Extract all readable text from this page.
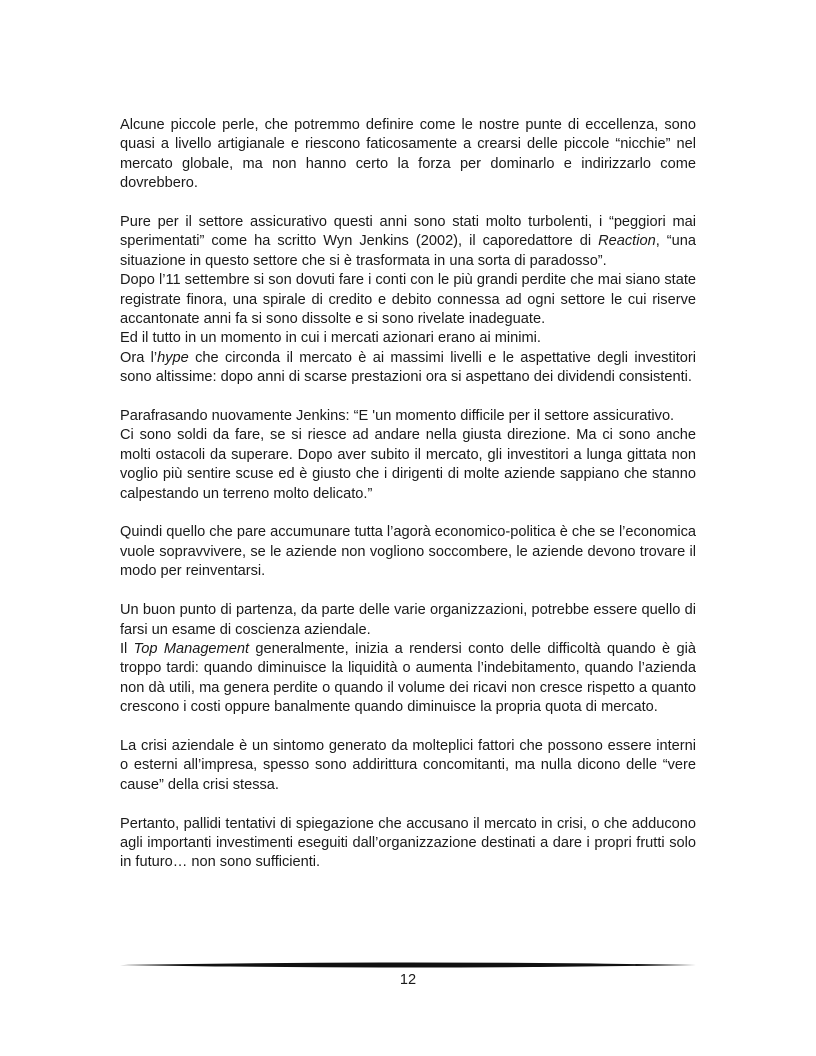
Alcune piccole perle, che potremmo definire come le nostre punte di eccellenza, sono quasi a livello artigianale e riescono faticosamente a crearsi delle piccole “nicchie” nel mercato globale, ma non hanno certo la forza per dominarlo e indirizzarlo come dovrebbero.

Pure per il settore assicurativo questi anni sono stati molto turbolenti, i “peggiori mai sperimentati” come ha scritto Wyn Jenkins (2002), il caporedattore di Reaction, “una situazione in questo settore che si è trasformata in una sorta di paradosso”.

Dopo l’11 settembre si son dovuti fare i conti con le più grandi perdite che mai siano state registrate finora, una spirale di credito e debito connessa ad ogni settore le cui riserve accantonate anni fa si sono dissolte e si sono rivelate inadeguate.

Ed il tutto in un momento in cui i mercati azionari erano ai minimi.

Ora l’hype che circonda il mercato è ai massimi livelli e le aspettative degli investitori sono altissime: dopo anni di scarse prestazioni ora si aspettano dei dividendi consistenti.

Parafrasando nuovamente Jenkins: “E 'un momento difficile per il settore assicurativo.

Ci sono soldi da fare, se si riesce ad andare nella giusta direzione. Ma ci sono anche molti ostacoli da superare. Dopo aver subito il mercato, gli investitori a lunga gittata non voglio più sentire scuse ed è giusto che i dirigenti di molte aziende sappiano che stanno calpestando un terreno molto delicato.”

Quindi quello che pare accumunare tutta l’agorà economico-politica è che se l’economica vuole sopravvivere, se le aziende non vogliono soccombere, le aziende devono trovare il modo per reinventarsi.

Un buon punto di partenza, da parte delle varie organizzazioni, potrebbe essere quello di farsi un esame di coscienza aziendale.

Il Top Management generalmente, inizia a rendersi conto delle difficoltà quando è già troppo tardi: quando diminuisce la liquidità o aumenta l’indebitamento, quando l’azienda non dà utili, ma genera perdite o quando il volume dei ricavi non cresce rispetto a quanto crescono i costi oppure banalmente quando diminuisce la propria quota di mercato.

La crisi aziendale è un sintomo generato da molteplici fattori che possono essere interni o esterni all’impresa, spesso sono addirittura concomitanti, ma nulla dicono delle “vere cause” della crisi stessa.

Pertanto, pallidi tentativi di spiegazione che accusano il mercato in crisi, o che adducono agli importanti investimenti eseguiti dall’organizzazione destinati a dare i propri frutti solo in futuro… non sono sufficienti.

12
